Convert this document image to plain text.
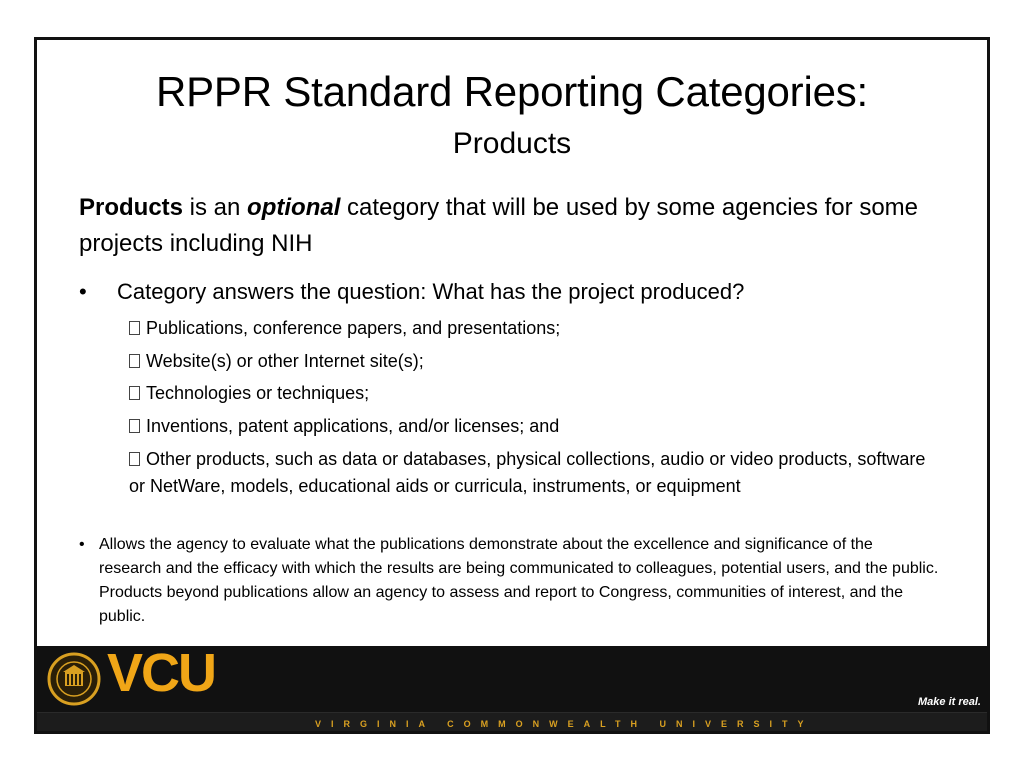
RPPR Standard Reporting Categories:
Products
Products is an optional category that will be used by some agencies for some projects including NIH
• Category answers the question: What has the project produced?
Publications, conference papers, and presentations;
Website(s) or other Internet site(s);
Technologies or techniques;
Inventions, patent applications, and/or licenses; and
Other products, such as data or databases, physical collections, audio or video products, software or NetWare, models, educational aids or curricula, instruments, or equipment
• Allows the agency to evaluate what the publications demonstrate about the excellence and significance of the research and the efficacy with which the results are being communicated to colleagues, potential users, and the public. Products beyond publications allow an agency to assess and report to Congress, communities of interest, and the public.
VCU	Make it real.
VIRGINIA COMMONWEALTH UNIVERSITY
